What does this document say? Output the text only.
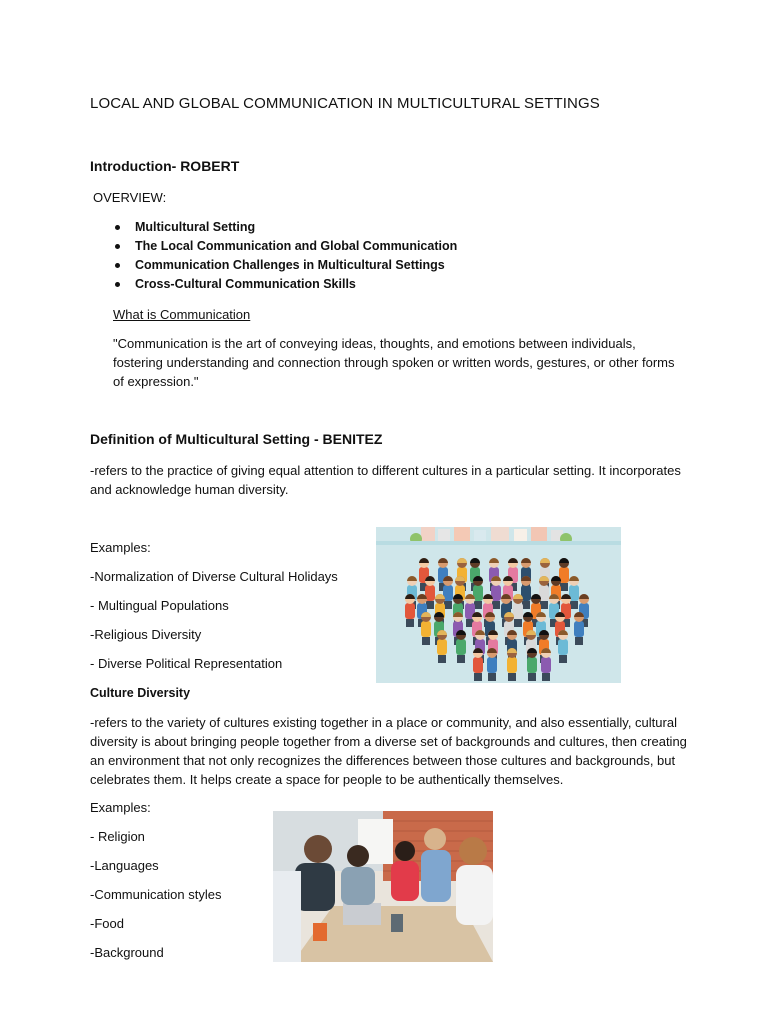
LOCAL AND GLOBAL COMMUNICATION IN MULTICULTURAL SETTINGS
Introduction- ROBERT
OVERVIEW:
Multicultural Setting
The Local Communication and Global Communication
Communication Challenges in Multicultural Settings
Cross-Cultural Communication Skills
What is Communication
"Communication is the art of conveying ideas, thoughts, and emotions between individuals,
fostering understanding and connection through spoken or written words, gestures, or other forms
of expression."
Definition of Multicultural Setting - BENITEZ
-refers to the practice of giving equal attention to different cultures in a particular setting. It incorporates
and acknowledge human diversity.
Examples:
-Normalization of Diverse Cultural Holidays
- Multingual Populations
-Religious Diversity
- Diverse Political Representation
Culture Diversity
-refers to the variety of cultures existing together in a place or community, and also essentially, cultural
diversity is about bringing people together from a diverse set of backgrounds and cultures, then creating
an environment that not only recognizes the differences between those cultures and backgrounds, but
celebrates them. It helps create a space for people to be authentically themselves.
Examples:
- Religion
-Languages
-Communication styles
-Food
-Background
